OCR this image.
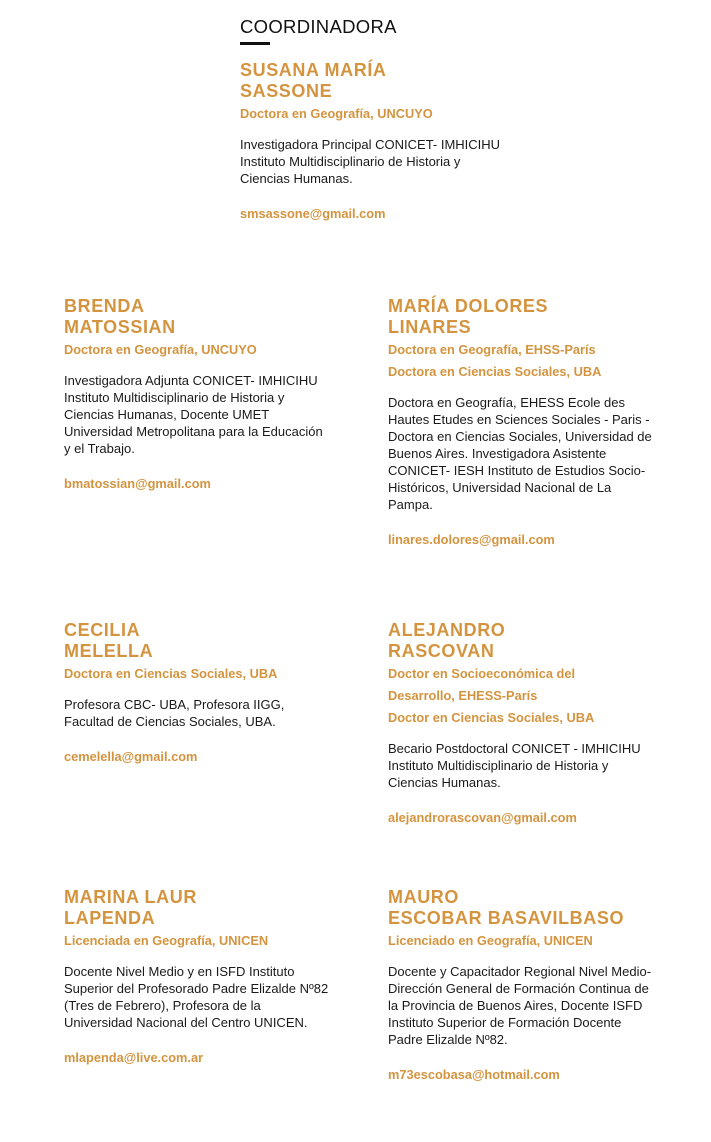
COORDINADORA
SUSANA MARÍA
SASSONE
Doctora en Geografía, UNCUYO
Investigadora Principal CONICET- IMHICIHU Instituto Multidisciplinario de Historia y Ciencias Humanas.
smsassone@gmail.com
BRENDA
MATOSSIAN
Doctora en Geografía, UNCUYO
Investigadora Adjunta CONICET- IMHICIHU Instituto Multidisciplinario de Historia y Ciencias Humanas, Docente UMET Universidad Metropolitana para la Educación y el Trabajo.
bmatossian@gmail.com
MARÍA DOLORES
LINARES
Doctora en Geografía, EHSS-París
Doctora en Ciencias Sociales, UBA
Doctora en Geografía, EHESS Ecole des Hautes Etudes en Sciences Sociales - Paris - Doctora en Ciencias Sociales, Universidad de Buenos Aires. Investigadora Asistente CONICET- IESH Instituto de Estudios Socio- Históricos, Universidad Nacional de La Pampa.
linares.dolores@gmail.com
CECILIA
MELELLA
Doctora en Ciencias Sociales, UBA
Profesora CBC- UBA, Profesora IIGG, Facultad de Ciencias Sociales, UBA.
cemelella@gmail.com
ALEJANDRO
RASCOVAN
Doctor en Socioeconómica del
Desarrollo, EHESS-París
Doctor en Ciencias Sociales, UBA
Becario Postdoctoral CONICET - IMHICIHU Instituto Multidisciplinario de Historia y Ciencias Humanas.
alejandrorascovan@gmail.com
MARINA LAUR
LAPENDA
Licenciada en Geografía, UNICEN
Docente Nivel Medio y en ISFD Instituto Superior del Profesorado Padre Elizalde Nº82 (Tres de Febrero), Profesora de la Universidad Nacional del Centro UNICEN.
mlapenda@live.com.ar
MAURO
ESCOBAR BASAVILBASO
Licenciado en Geografía, UNICEN
Docente y Capacitador Regional Nivel Medio- Dirección General de Formación Continua de la Provincia de Buenos Aires, Docente ISFD Instituto Superior de Formación Docente Padre Elizalde Nº82.
m73escobasa@hotmail.com
